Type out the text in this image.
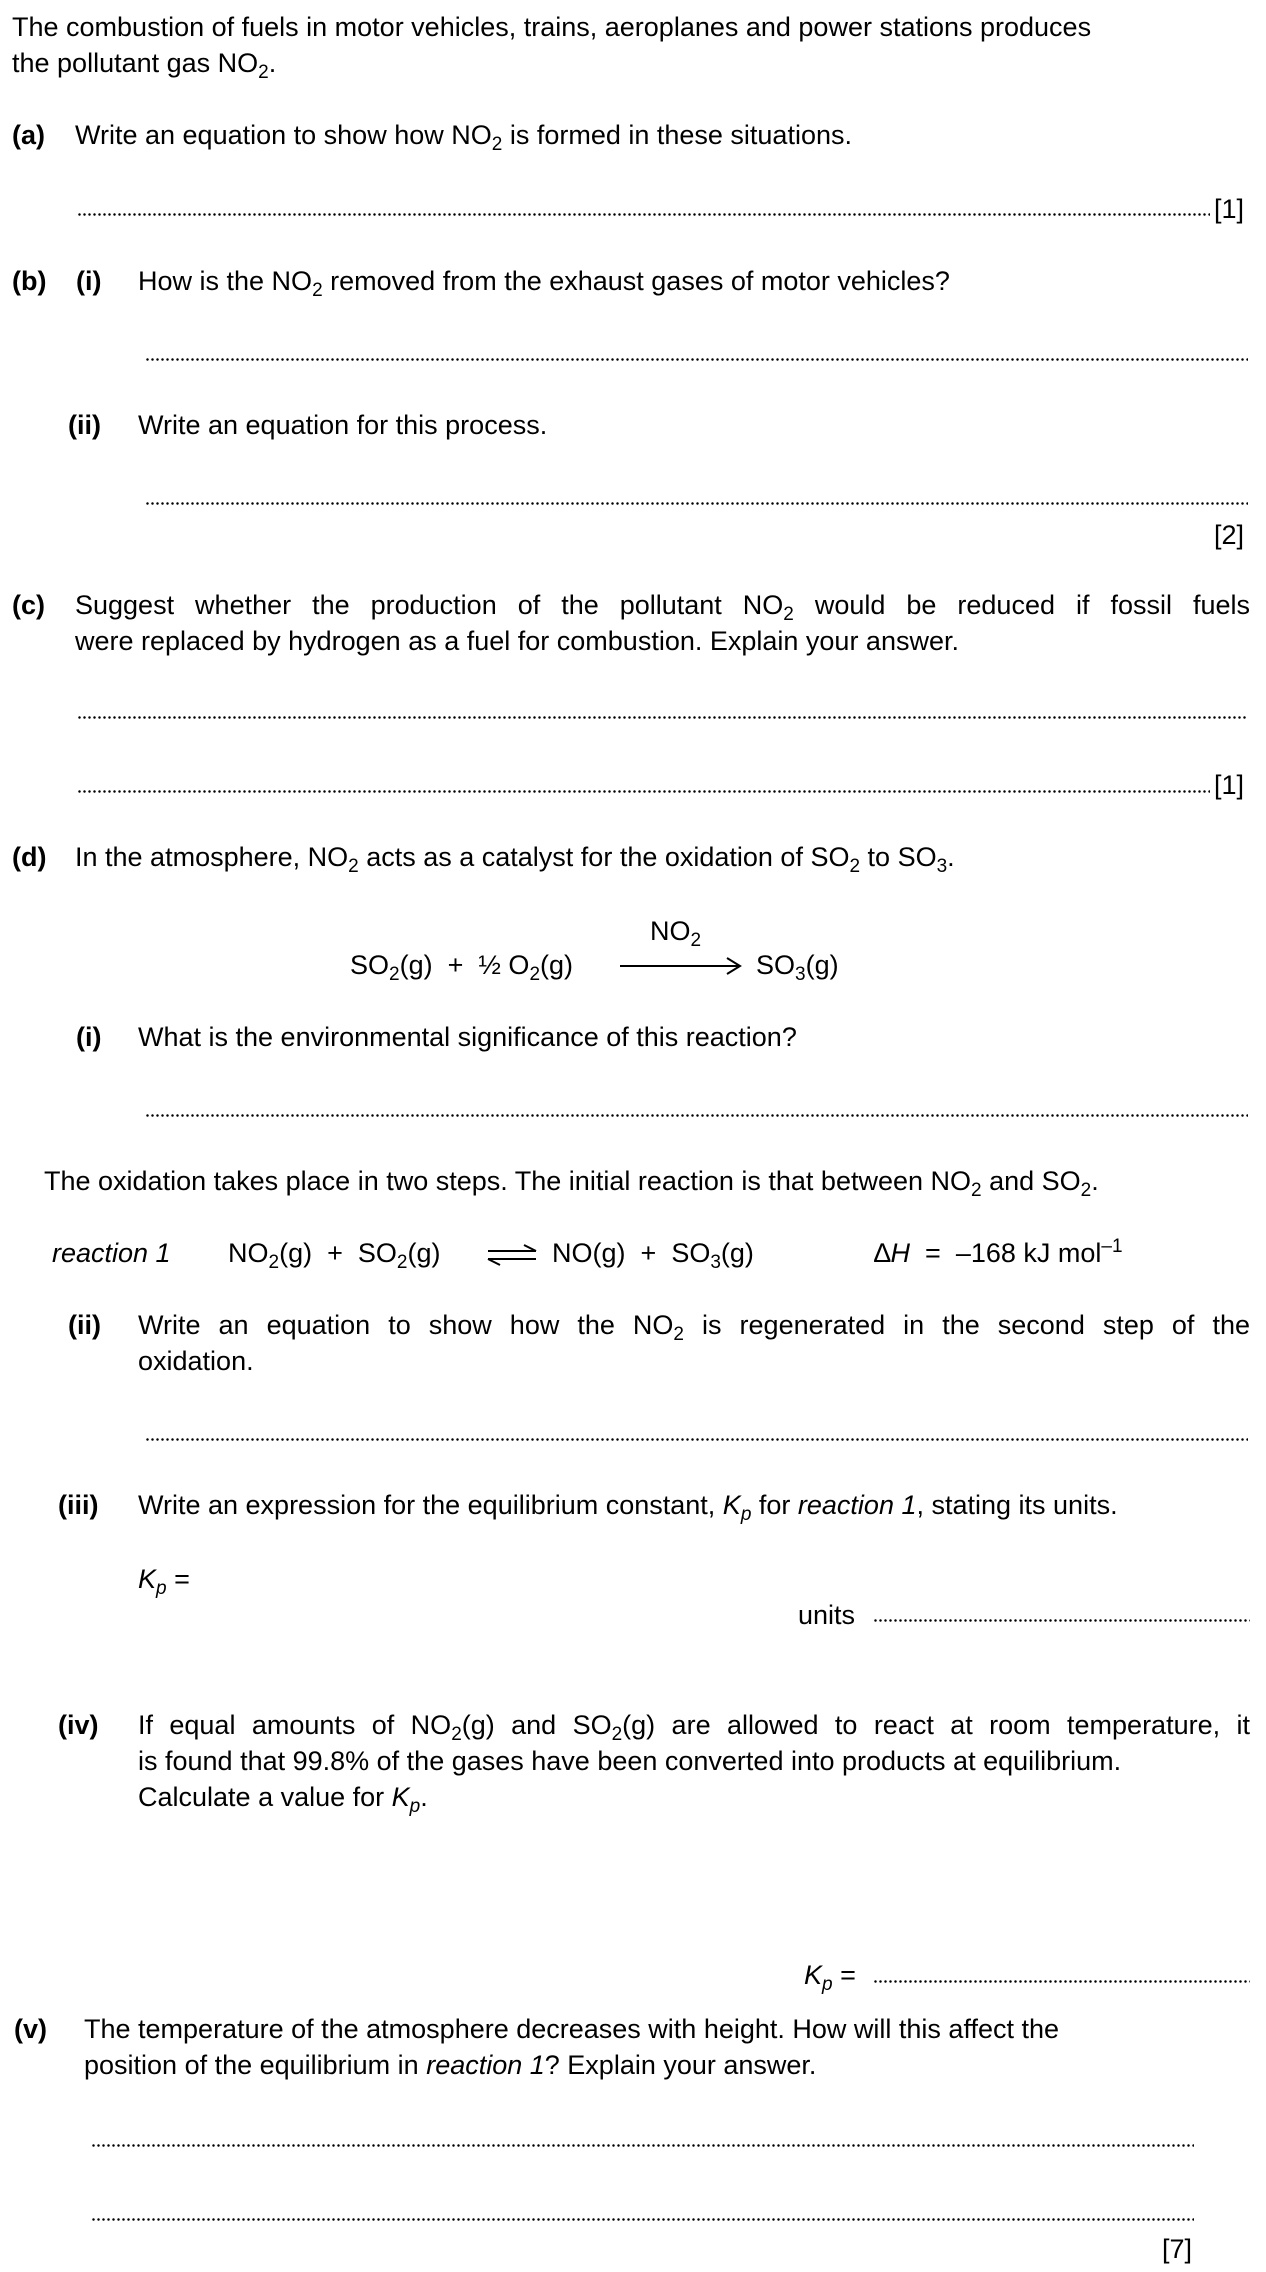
The combustion of fuels in motor vehicles, trains, aeroplanes and power stations produces
the pollutant gas $NO_2$.
(a) Write an equation to show how $NO_2$ is formed in these situations.
[1]
(b) (i) How is the $NO_2$ removed from the exhaust gases of motor vehicles?
(ii) Write an equation for this process.
[2]
(c) Suggest whether the production of the pollutant $NO_2$ would be reduced if fossil fuels
were replaced by hydrogen as a fuel for combustion. Explain your answer.
[1]
(d) In the atmosphere, $NO_2$ acts as a catalyst for the oxidation of $SO_2$ to $SO_3$.
$SO_2(g)$ + ½ $O_2(g)$
$NO_2$
$SO_3(g)$
(i) What is the environmental significance of this reaction?
The oxidation takes place in two steps. The initial reaction is that between $NO_2$ and $SO_2$.
reaction 1 $NO_2(g) + SO_2(g)$ ⇌ $NO(g) + SO_3(g)$	∆H = –168 kJ mol$^{-1}$
(ii) Write an equation to show how the $NO_2$ is regenerated in the second step of the
oxidation.
(iii) Write an expression for the equilibrium constant, $K_p$ for reaction 1, stating its units.
$K_p$ =
units
(iv) If equal amounts of $NO_2(g)$ and $SO_2(g)$ are allowed to react at room temperature, it
is found that 99.8% of the gases have been converted into products at equilibrium.
Calculate a value for $K_p$.
$K_p$ =
(v) The temperature of the atmosphere decreases with height. How will this affect the
position of the equilibrium in reaction 1? Explain your answer.
[7]
